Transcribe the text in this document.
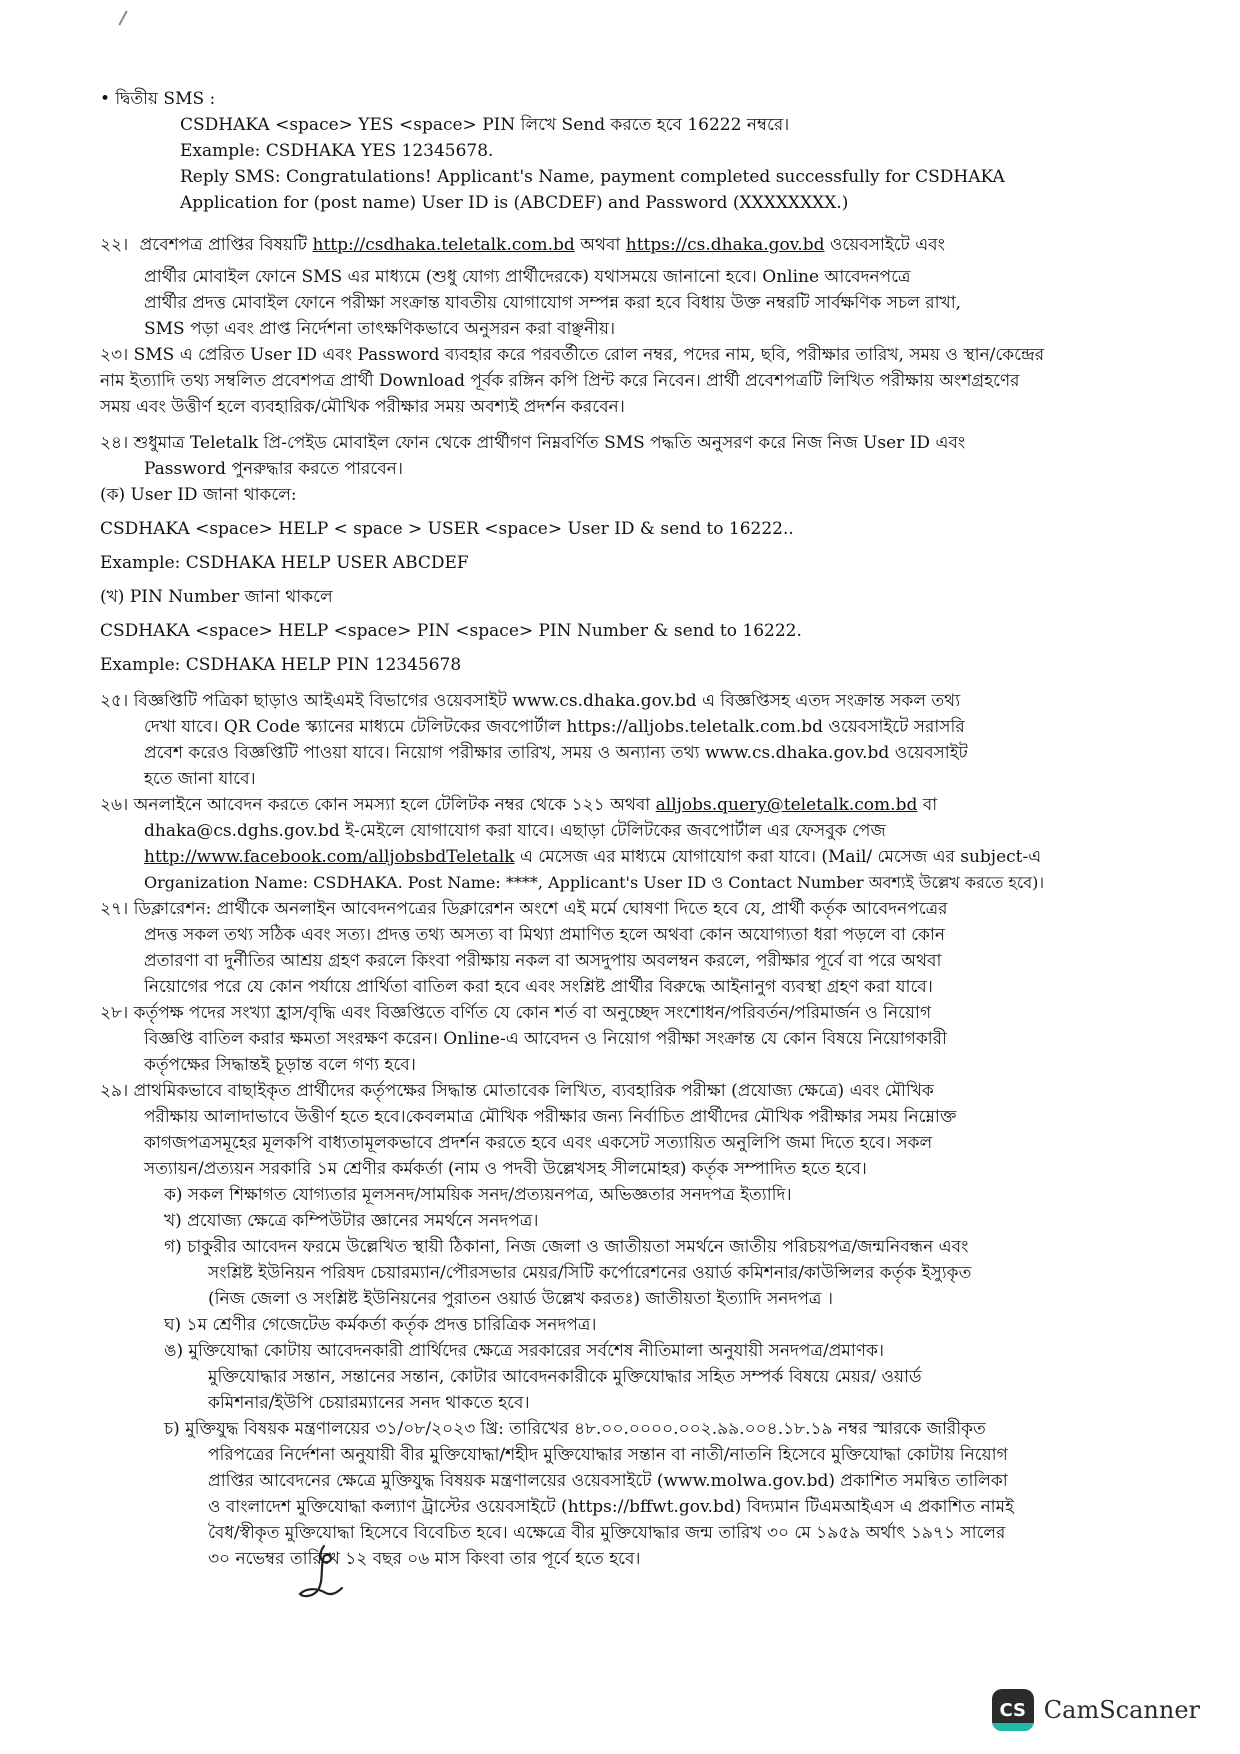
• দ্বিতীয় SMS :
CSDHAKA <space> YES <space> PIN লিখে Send করতে হবে 16222 নম্বরে।
Example: CSDHAKA YES 12345678.
Reply SMS: Congratulations! Applicant's Name, payment completed successfully for CSDHAKA
Application for (post name) User ID is (ABCDEF) and Password (XXXXXXXX.)
২২। প্রবেশপত্র প্রাপ্তির বিষয়টি http://csdhaka.teletalk.com.bd অথবা https://cs.dhaka.gov.bd ওয়েবসাইটে এবং
প্রার্থীর মোবাইল ফোনে SMS এর মাধ্যমে (শুধু যোগ্য প্রার্থীদেরকে) যথাসময়ে জানানো হবে। Online আবেদনপত্রে
প্রার্থীর প্রদত্ত মোবাইল ফোনে পরীক্ষা সংক্রান্ত যাবতীয় যোগাযোগ সম্পন্ন করা হবে বিধায় উক্ত নম্বরটি সার্বক্ষণিক সচল রাখা,
SMS পড়া এবং প্রাপ্ত নির্দেশনা তাৎক্ষণিকভাবে অনুসরন করা বাঞ্ছনীয়।
২৩। SMS এ প্রেরিত User ID এবং Password ব্যবহার করে পরবর্তীতে রোল নম্বর, পদের নাম, ছবি, পরীক্ষার তারিখ, সময় ও স্থান/কেন্দ্রের
নাম ইত্যাদি তথ্য সম্বলিত প্রবেশপত্র প্রার্থী Download পূর্বক রঙ্গিন কপি প্রিন্ট করে নিবেন। প্রার্থী প্রবেশপত্রটি লিখিত পরীক্ষায় অংশগ্রহণের
সময় এবং উত্তীর্ণ হলে ব্যবহারিক/মৌখিক পরীক্ষার সময় অবশ্যই প্রদর্শন করবেন।
২৪। শুধুমাত্র Teletalk প্রি-পেইড মোবাইল ফোন থেকে প্রার্থীগণ নিম্নবর্ণিত SMS পদ্ধতি অনুসরণ করে নিজ নিজ User ID এবং
Password পুনরুদ্ধার করতে পারবেন।
(ক) User ID জানা থাকলে:
CSDHAKA <space> HELP < space > USER <space> User ID & send to 16222..
Example: CSDHAKA HELP USER ABCDEF
(খ) PIN Number জানা থাকলে
CSDHAKA <space> HELP <space> PIN <space> PIN Number & send to 16222.
Example: CSDHAKA HELP PIN 12345678
২৫। বিজ্ঞপ্তিটি পত্রিকা ছাড়াও আইএমই বিভাগের ওয়েবসাইট www.cs.dhaka.gov.bd এ বিজ্ঞপ্তিসহ এতদ সংক্রান্ত সকল তথ্য
দেখা যাবে। QR Code স্ক্যানের মাধ্যমে টেলিটকের জবপোর্টাল https://alljobs.teletalk.com.bd ওয়েবসাইটে সরাসরি
প্রবেশ করেও বিজ্ঞপ্তিটি পাওয়া যাবে। নিয়োগ পরীক্ষার তারিখ, সময় ও অন্যান্য তথ্য www.cs.dhaka.gov.bd ওয়েবসাইট
হতে জানা যাবে।
২৬। অনলাইনে আবেদন করতে কোন সমস্যা হলে টেলিটক নম্বর থেকে ১২১ অথবা alljobs.query@teletalk.com.bd বা
dhaka@cs.dghs.gov.bd ই-মেইলে যোগাযোগ করা যাবে। এছাড়া টেলিটকের জবপোর্টাল এর ফেসবুক পেজ
http://www.facebook.com/alljobsbdTeletalk এ মেসেজ এর মাধ্যমে যোগাযোগ করা যাবে। (Mail/ মেসেজ এর subject-এ
Organization Name: CSDHAKA. Post Name: ****, Applicant's User ID ও Contact Number অবশ্যই উল্লেখ করতে হবে)।
২৭। ডিক্লারেশন: প্রার্থীকে অনলাইন আবেদনপত্রের ডিক্লারেশন অংশে এই মর্মে ঘোষণা দিতে হবে যে, প্রার্থী কর্তৃক আবেদনপত্রের
প্রদত্ত সকল তথ্য সঠিক এবং সত্য। প্রদত্ত তথ্য অসত্য বা মিথ্যা প্রমাণিত হলে অথবা কোন অযোগ্যতা ধরা পড়লে বা কোন
প্রতারণা বা দুর্নীতির আশ্রয় গ্রহণ করলে কিংবা পরীক্ষায় নকল বা অসদুপায় অবলম্বন করলে, পরীক্ষার পূর্বে বা পরে অথবা
নিয়োগের পরে যে কোন পর্যায়ে প্রার্থিতা বাতিল করা হবে এবং সংশ্লিষ্ট প্রার্থীর বিরুদ্ধে আইনানুগ ব্যবস্থা গ্রহণ করা যাবে।
২৮। কর্তৃপক্ষ পদের সংখ্যা হ্রাস/বৃদ্ধি এবং বিজ্ঞপ্তিতে বর্ণিত যে কোন শর্ত বা অনুচ্ছেদ সংশোধন/পরিবর্তন/পরিমার্জন ও নিয়োগ
বিজ্ঞপ্তি বাতিল করার ক্ষমতা সংরক্ষণ করেন। Online-এ আবেদন ও নিয়োগ পরীক্ষা সংক্রান্ত যে কোন বিষয়ে নিয়োগকারী
কর্তৃপক্ষের সিদ্ধান্তই চূড়ান্ত বলে গণ্য হবে।
২৯। প্রাথমিকভাবে বাছাইকৃত প্রার্থীদের কর্তৃপক্ষের সিদ্ধান্ত মোতাবেক লিখিত, ব্যবহারিক পরীক্ষা (প্রযোজ্য ক্ষেত্রে) এবং মৌখিক
পরীক্ষায় আলাদাভাবে উত্তীর্ণ হতে হবে।কেবলমাত্র মৌখিক পরীক্ষার জন্য নির্বাচিত প্রার্থীদের মৌখিক পরীক্ষার সময় নিম্নোক্ত
কাগজপত্রসমূহের মূলকপি বাধ্যতামূলকভাবে প্রদর্শন করতে হবে এবং একসেট সত্যায়িত অনুলিপি জমা দিতে হবে। সকল
সত্যায়ন/প্রত্যয়ন সরকারি ১ম শ্রেণীর কর্মকর্তা (নাম ও পদবী উল্লেখসহ সীলমোহর) কর্তৃক সম্পাদিত হতে হবে।
ক) সকল শিক্ষাগত যোগ্যতার মূলসনদ/সাময়িক সনদ/প্রত্যয়নপত্র, অভিজ্ঞতার সনদপত্র ইত্যাদি।
খ) প্রযোজ্য ক্ষেত্রে কম্পিউটার জ্ঞানের সমর্থনে সনদপত্র।
গ) চাকুরীর আবেদন ফরমে উল্লেখিত স্থায়ী ঠিকানা, নিজ জেলা ও জাতীয়তা সমর্থনে জাতীয় পরিচয়পত্র/জন্মনিবন্ধন এবং
সংশ্লিষ্ট ইউনিয়ন পরিষদ চেয়ারম্যান/পৌরসভার মেয়র/সিটি কর্পোরেশনের ওয়ার্ড কমিশনার/কাউন্সিলর কর্তৃক ইস্যুকৃত
(নিজ জেলা ও সংশ্লিষ্ট ইউনিয়নের পুরাতন ওয়ার্ড উল্লেখ করতঃ) জাতীয়তা ইত্যাদি সনদপত্র ।
ঘ) ১ম শ্রেণীর গেজেটেড কর্মকর্তা কর্তৃক প্রদত্ত চারিত্রিক সনদপত্র।
ঙ) মুক্তিযোদ্ধা কোটায় আবেদনকারী প্রার্থিদের ক্ষেত্রে সরকারের সর্বশেষ নীতিমালা অনুযায়ী সনদপত্র/প্রমাণক।
মুক্তিযোদ্ধার সন্তান, সন্তানের সন্তান, কোটার আবেদনকারীকে মুক্তিযোদ্ধার সহিত সম্পর্ক বিষয়ে মেয়র/ ওয়ার্ড
কমিশনার/ইউপি চেয়ারম্যানের সনদ থাকতে হবে।
চ) মুক্তিযুদ্ধ বিষয়ক মন্ত্রণালয়ের ৩১/০৮/২০২৩ খ্রি: তারিখের ৪৮.০০.০০০০.০০২.৯৯.০০৪.১৮.১৯ নম্বর স্মারকে জারীকৃত
পরিপত্রের নির্দেশনা অনুযায়ী বীর মুক্তিযোদ্ধা/শহীদ মুক্তিযোদ্ধার সন্তান বা নাতী/নাতনি হিসেবে মুক্তিযোদ্ধা কোটায় নিয়োগ
প্রাপ্তির আবেদনের ক্ষেত্রে মুক্তিযুদ্ধ বিষয়ক মন্ত্রণালয়ের ওয়েবসাইটে (www.molwa.gov.bd) প্রকাশিত সমন্বিত তালিকা
ও বাংলাদেশ মুক্তিযোদ্ধা কল্যাণ ট্রাস্টের ওয়েবসাইটে (https://bffwt.gov.bd) বিদ্যমান টিএমআইএস এ প্রকাশিত নামই
বৈধ/স্বীকৃত মুক্তিযোদ্ধা হিসেবে বিবেচিত হবে। এক্ষেত্রে বীর মুক্তিযোদ্ধার জন্ম তারিখ ৩০ মে ১৯৫৯ অর্থাৎ ১৯৭১ সালের
৩০ নভেম্বর তারিখে ১২ বছর ০৬ মাস কিংবা তার পূর্বে হতে হবে।
CS CamScanner
